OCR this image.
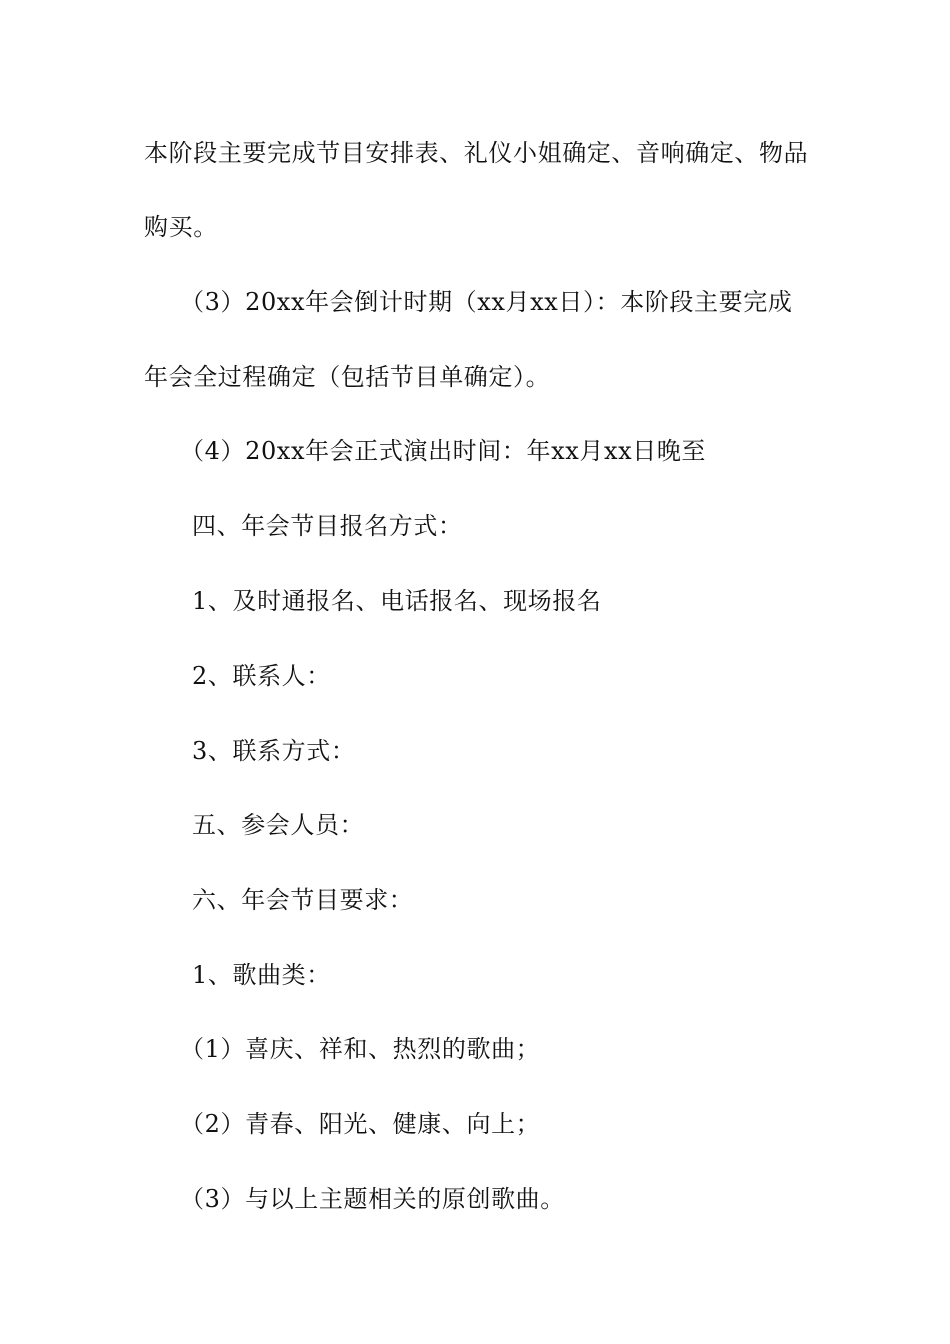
本阶段主要完成节目安排表、礼仪小姐确定、音响确定、物品
购买。
（3）20xx年会倒计时期（xx月xx日）：本阶段主要完成
年会全过程确定（包括节目单确定）。
（4）20xx年会正式演出时间：年xx月xx日晚至
四、年会节目报名方式：
1、及时通报名、电话报名、现场报名
2、联系人：
3、联系方式：
五、参会人员：
六、年会节目要求：
1、歌曲类：
（1）喜庆、祥和、热烈的歌曲；
（2）青春、阳光、健康、向上；
（3）与以上主题相关的原创歌曲。
